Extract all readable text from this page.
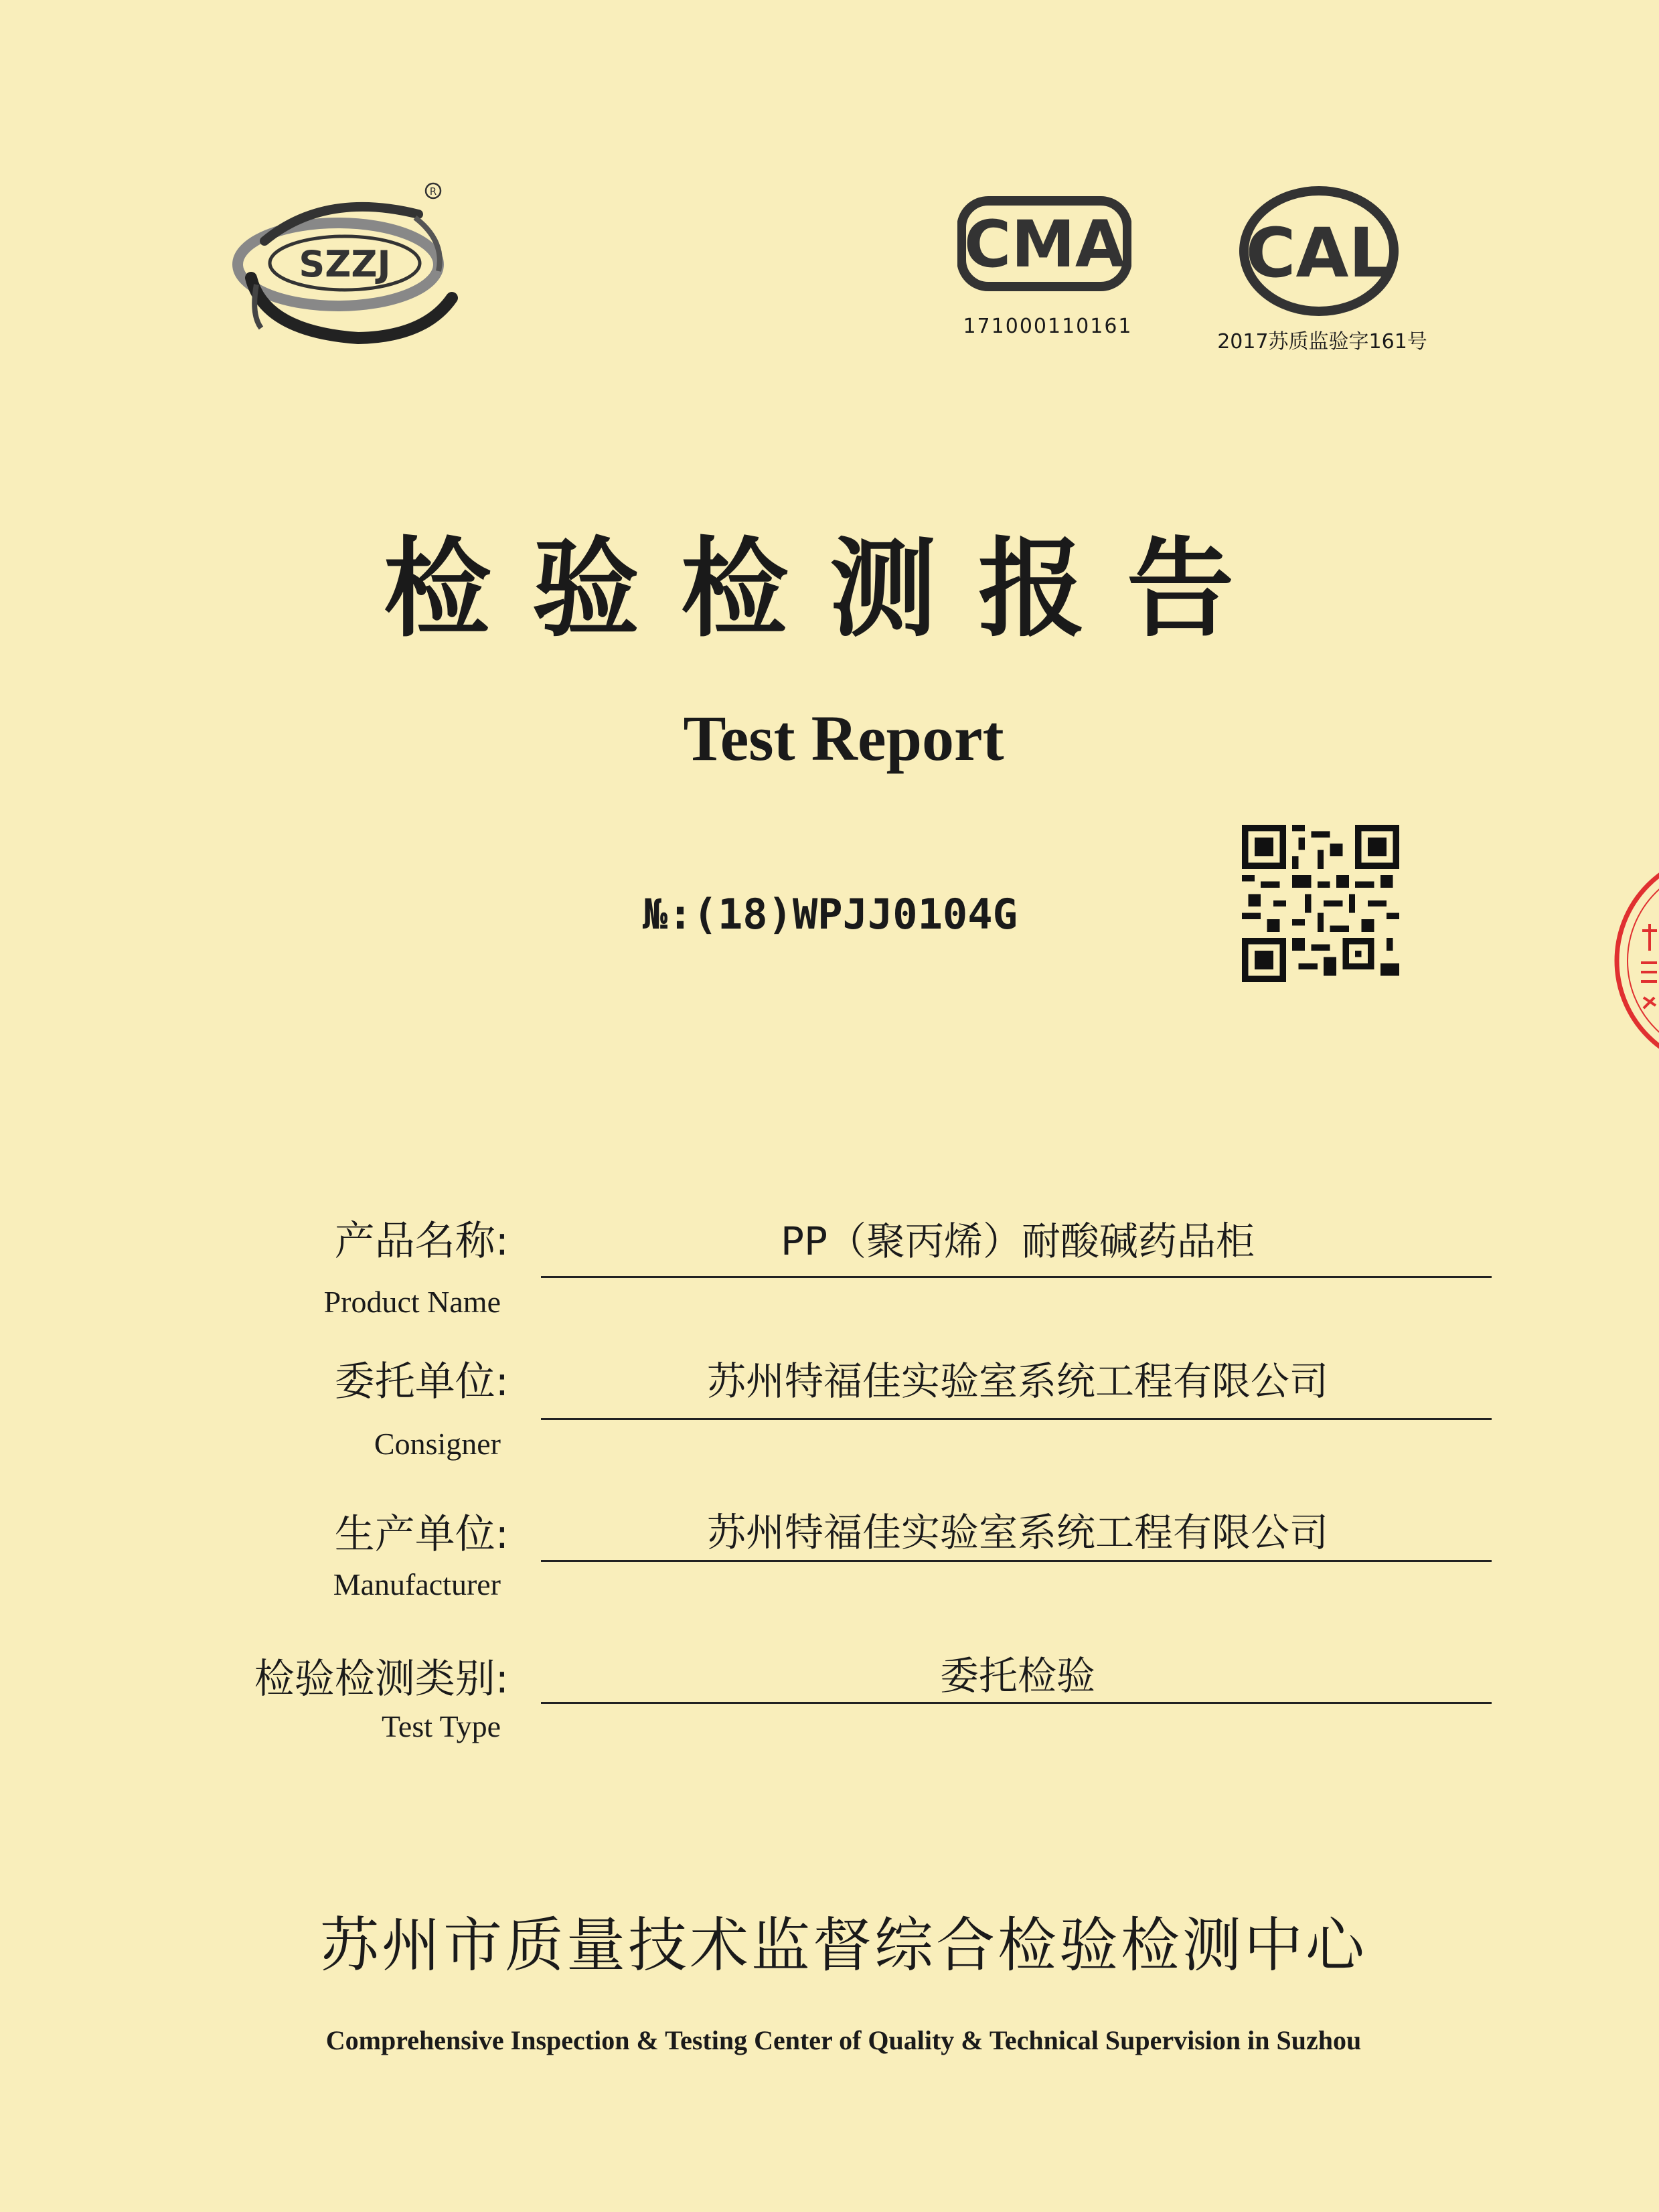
SZZJ
R
CMA
171000110161
CAL
2017苏质监验字161号
检验检测报告
Test Report
№:(18)WPJJ0104G
产品名称:
Product Name
PP（聚丙烯）耐酸碱药品柜
委托单位:
Consigner
苏州特福佳实验室系统工程有限公司
生产单位:
Manufacturer
苏州特福佳实验室系统工程有限公司
检验检测类别:
Test Type
委托检验
苏州市质量技术监督综合检验检测中心
Comprehensive Inspection & Testing Center of Quality & Technical Supervision in Suzhou
